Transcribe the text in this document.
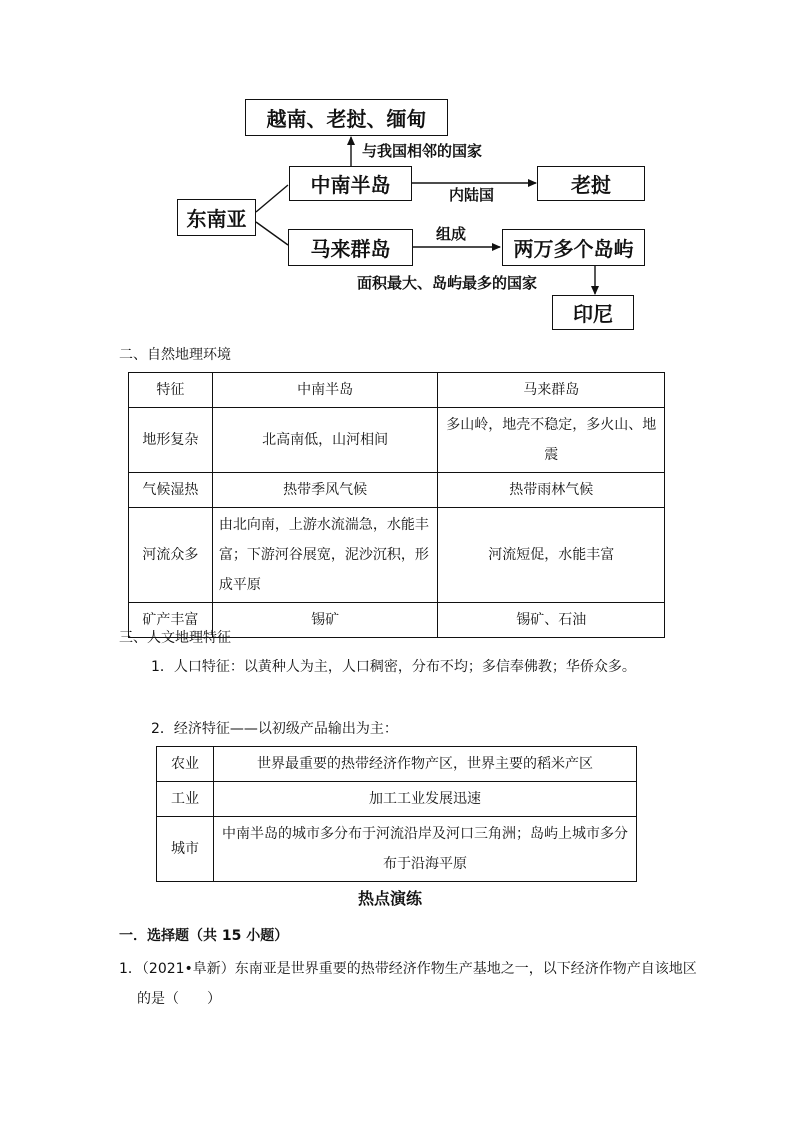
越南、老挝、缅甸
与我国相邻的国家
中南半岛	内陆国	老挝
东南亚
组成
马来群岛	两万多个岛屿
面积最大、岛屿最多的国家
印尼
二、自然地理环境
特征	中南半岛	马来群岛
地形复杂	北高南低，山河相间	多山岭，地壳不稳定，多火山、地震
气候湿热	热带季风气候	热带雨林气候
河流众多	由北向南，上游水流湍急，水能丰富；下游河谷展宽，泥沙沉积，形成平原	河流短促，水能丰富
矿产丰富	锡矿	锡矿、石油
三、人文地理特征
1．人口特征：以黄种人为主，人口稠密，分布不均；多信奉佛教；华侨众多。
2．经济特征——以初级产品输出为主：
农业	世界最重要的热带经济作物产区，世界主要的稻米产区
工业	加工工业发展迅速
城市	中南半岛的城市多分布于河流沿岸及河口三角洲；岛屿上城市多分布于沿海平原
热点演练
一．选择题（共 15 小题）
1．（2021•阜新）东南亚是世界重要的热带经济作物生产基地之一，以下经济作物产自该地区的是（　　）
